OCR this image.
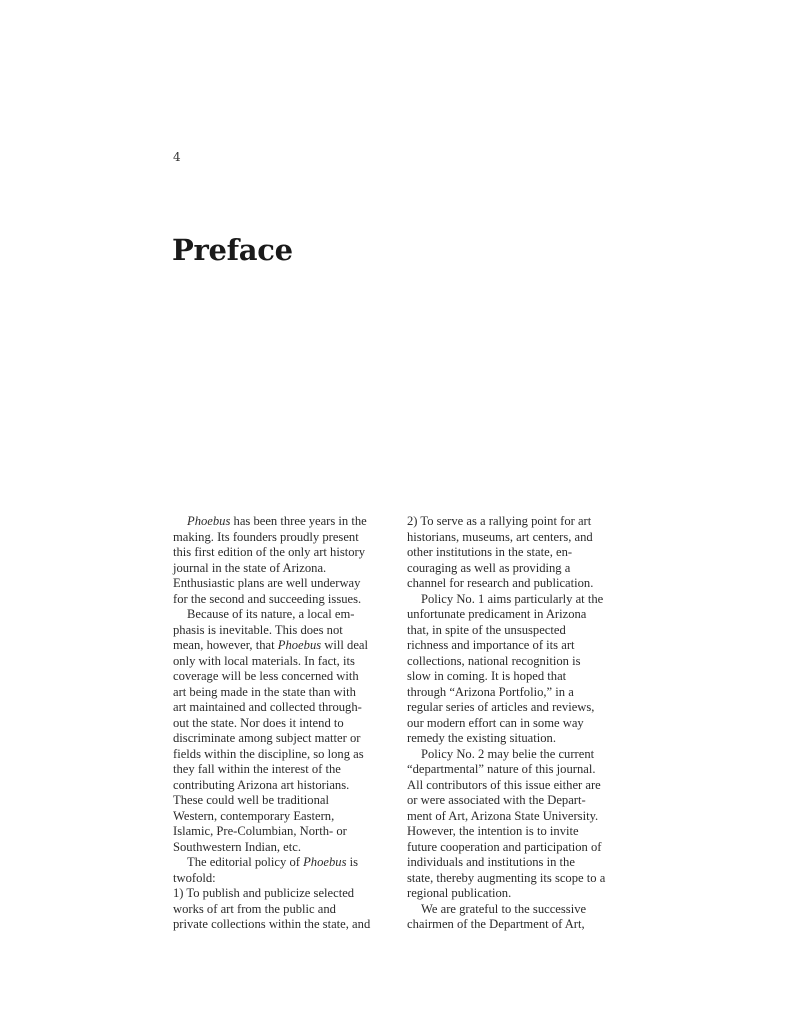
4
Preface
Phoebus has been three years in the
making. Its founders proudly present
this first edition of the only art history
journal in the state of Arizona.
Enthusiastic plans are well underway
for the second and succeeding issues.
Because of its nature, a local em-
phasis is inevitable. This does not
mean, however, that Phoebus will deal
only with local materials. In fact, its
coverage will be less concerned with
art being made in the state than with
art maintained and collected through-
out the state. Nor does it intend to
discriminate among subject matter or
fields within the discipline, so long as
they fall within the interest of the
contributing Arizona art historians.
These could well be traditional
Western, contemporary Eastern,
Islamic, Pre-Columbian, North- or
Southwestern Indian, etc.
The editorial policy of Phoebus is
twofold:
1) To publish and publicize selected
works of art from the public and
private collections within the state, and
2) To serve as a rallying point for art
historians, museums, art centers, and
other institutions in the state, en-
couraging as well as providing a
channel for research and publication.
Policy No. 1 aims particularly at the
unfortunate predicament in Arizona
that, in spite of the unsuspected
richness and importance of its art
collections, national recognition is
slow in coming. It is hoped that
through “Arizona Portfolio,” in a
regular series of articles and reviews,
our modern effort can in some way
remedy the existing situation.
Policy No. 2 may belie the current
“departmental” nature of this journal.
All contributors of this issue either are
or were associated with the Depart-
ment of Art, Arizona State University.
However, the intention is to invite
future cooperation and participation of
individuals and institutions in the
state, thereby augmenting its scope to a
regional publication.
We are grateful to the successive
chairmen of the Department of Art,
